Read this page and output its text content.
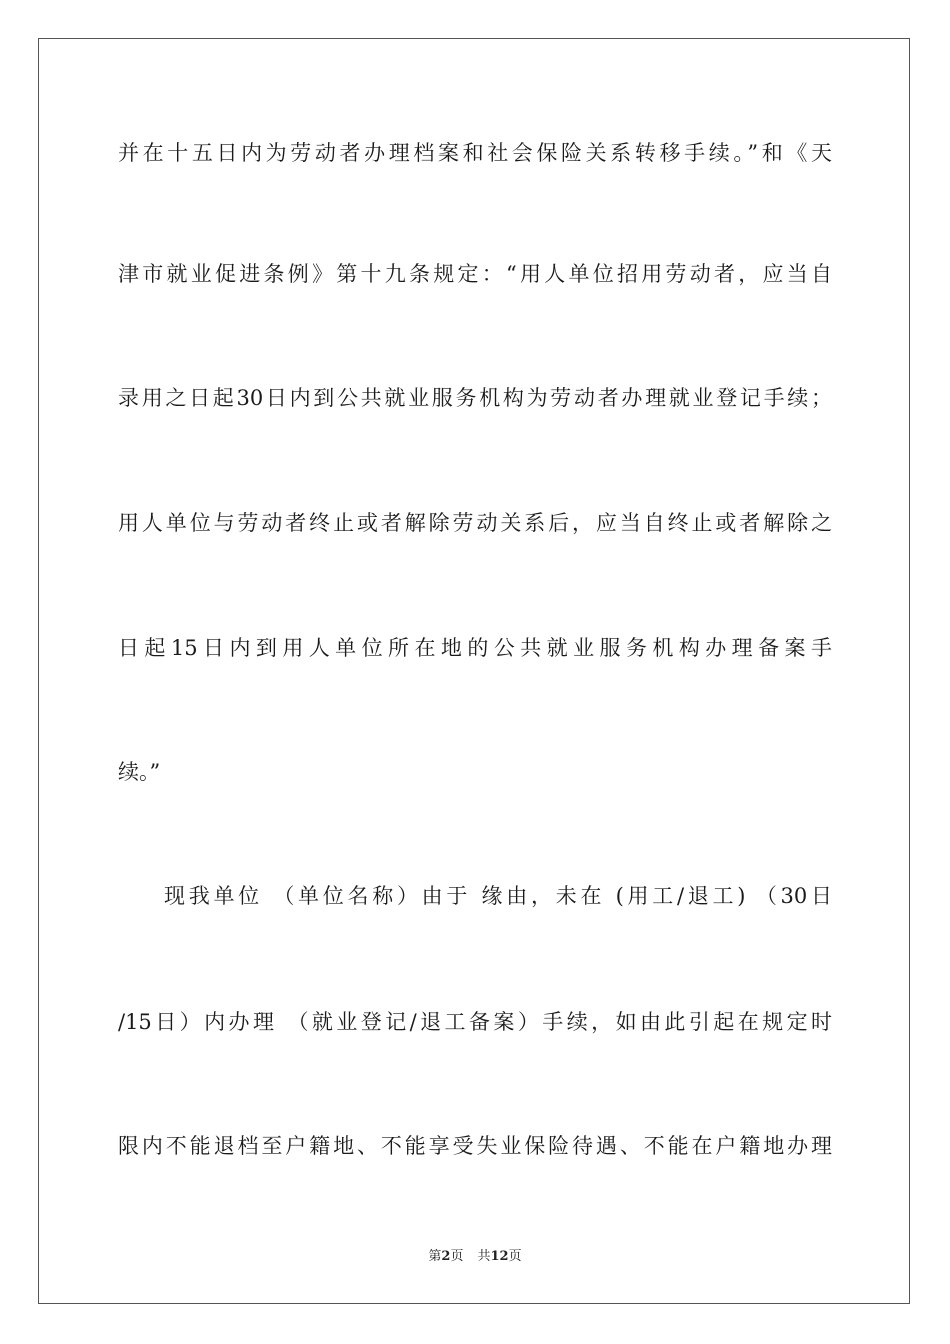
并在十五日内为劳动者办理档案和社会保险关系转移手续。”和《天
津市就业促进条例》第十九条规定：“用人单位招用劳动者，应当自
录用之日起30日内到公共就业服务机构为劳动者办理就业登记手续；
用人单位与劳动者终止或者解除劳动关系后，应当自终止或者解除之
日起15日内到用人单位所在地的公共就业服务机构办理备案手
续。”
现我单位 （单位名称）由于 缘由，未在 (用工/退工) （30日
/15日）内办理 （就业登记/退工备案）手续，如由此引起在规定时
限内不能退档至户籍地、不能享受失业保险待遇、不能在户籍地办理
第2页 共12页
